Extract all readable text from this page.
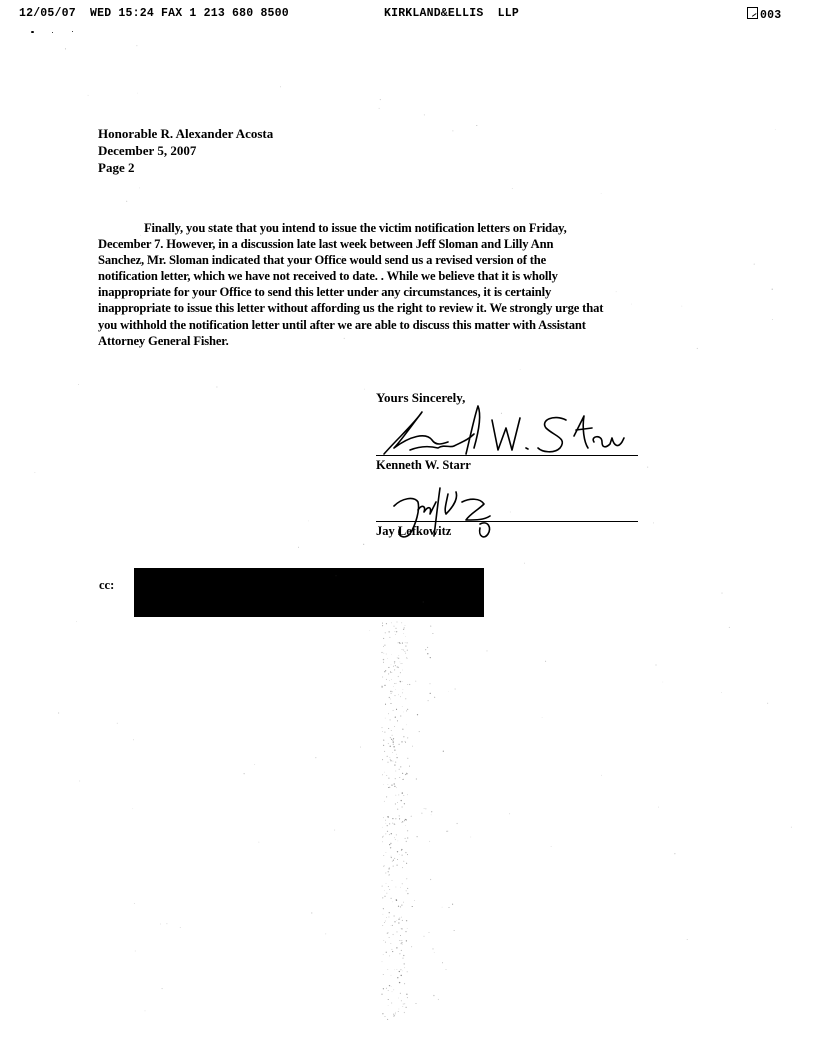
12/05/07  WED 15:24 FAX 1 213 680 8500	KIRKLAND&ELLIS  LLP	003
Honorable R. Alexander Acosta
December 5, 2007
Page 2
Finally, you state that you intend to issue the victim notification letters on Friday,
December 7. However, in a discussion late last week between Jeff Sloman and Lilly Ann
Sanchez, Mr. Sloman indicated that your Office would send us a revised version of the
notification letter, which we have not received to date. . While we believe that it is wholly
inappropriate for your Office to send this letter under any circumstances, it is certainly
inappropriate to issue this letter without affording us the right to review it. We strongly urge that
you withhold the notification letter until after we are able to discuss this matter with Assistant
Attorney General Fisher.
Yours Sincerely,
Kenneth W. Starr
Jay Lefkowitz
cc:
